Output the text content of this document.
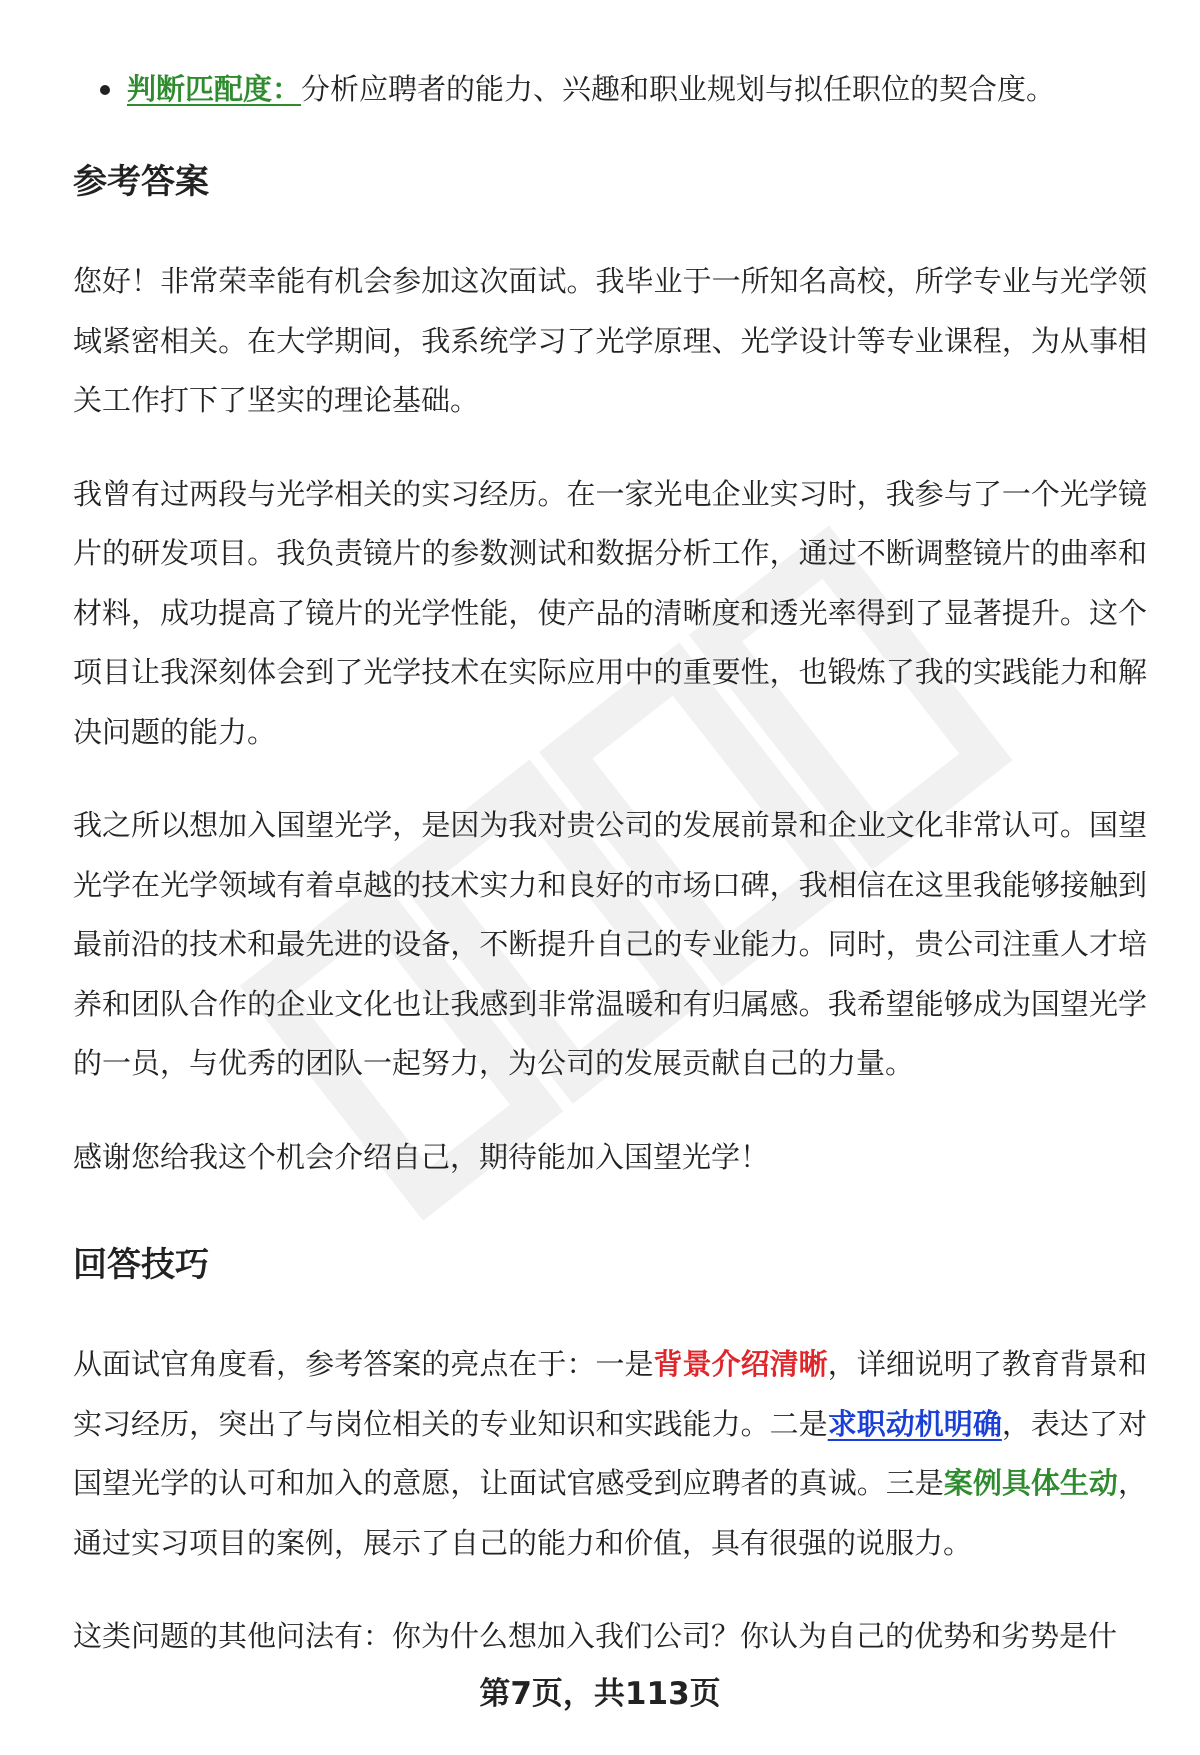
判断匹配度：分析应聘者的能力、兴趣和职业规划与拟任职位的契合度。
参考答案

您好！非常荣幸能有机会参加这次面试。我毕业于一所知名高校，所学专业与光学领域紧密相关。在大学期间，我系统学习了光学原理、光学设计等专业课程，为从事相关工作打下了坚实的理论基础。

我曾有过两段与光学相关的实习经历。在一家光电企业实习时，我参与了一个光学镜片的研发项目。我负责镜片的参数测试和数据分析工作，通过不断调整镜片的曲率和材料，成功提高了镜片的光学性能，使产品的清晰度和透光率得到了显著提升。这个项目让我深刻体会到了光学技术在实际应用中的重要性，也锻炼了我的实践能力和解决问题的能力。

我之所以想加入国望光学，是因为我对贵公司的发展前景和企业文化非常认可。国望光学在光学领域有着卓越的技术实力和良好的市场口碑，我相信在这里我能够接触到最前沿的技术和最先进的设备，不断提升自己的专业能力。同时，贵公司注重人才培养和团队合作的企业文化也让我感到非常温暖和有归属感。我希望能够成为国望光学的一员，与优秀的团队一起努力，为公司的发展贡献自己的力量。

感谢您给我这个机会介绍自己，期待能加入国望光学！

回答技巧

从面试官角度看，参考答案的亮点在于：一是背景介绍清晰，详细说明了教育背景和实习经历，突出了与岗位相关的专业知识和实践能力。二是求职动机明确，表达了对国望光学的认可和加入的意愿，让面试官感受到应聘者的真诚。三是案例具体生动，通过实习项目的案例，展示了自己的能力和价值，具有很强的说服力。

这类问题的其他问法有：你为什么想加入我们公司？你认为自己的优势和劣势是什

第7页，共113页
